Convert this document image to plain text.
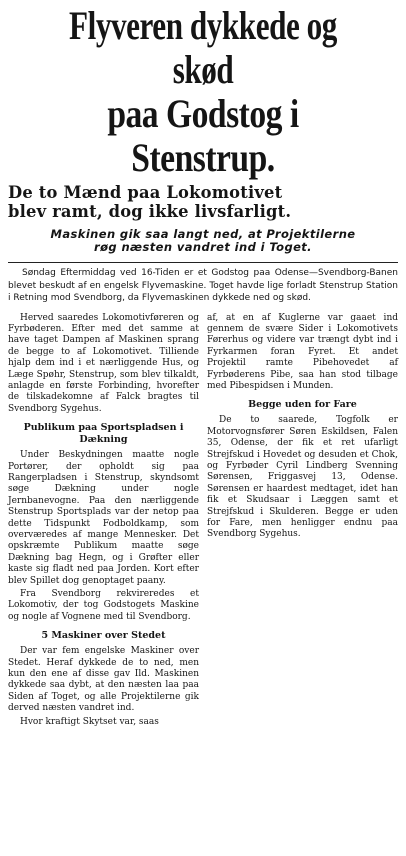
Flyveren dykkede og skød
paa Godstog i Stenstrup.
De to Mænd paa Lokomotivet
blev ramt, dog ikke livsfarligt.
Maskinen gik saa langt ned, at Projektilerne
røg næsten vandret ind i Toget.

Søndag Eftermiddag ved 16-Tiden er et Godstog paa Odense—Svendborg-Banen blevet beskudt af en engelsk Flyvemaskine. Toget havde lige forladt Stenstrup Station i Retning mod Svendborg, da Flyvemaskinen dykkede ned og skød.

Herved saaredes Lokomotivføreren og Fyrbøderen. Efter med det samme at have taget Dampen af Maskinen sprang de begge to af Lokomotivet. Tilliende hjalp dem ind i et nærliggende Hus, og Læge Spøhr, Stenstrup, som blev tilkaldt, anlagde en første Forbinding, hvorefter de tilskadekomne af Falck bragtes til Svendborg Sygehus.

Publikum paa Sportspladsen i Dækning

Under Beskydningen maatte nogle Portører, der opholdt sig paa Rangerpladsen i Stenstrup, skyndsomt søge Dækning under nogle Jernbanevogne. Paa den nærliggende Stenstrup Sportsplads var der netop paa dette Tidspunkt Fodboldkamp, som overværedes af mange Mennesker. Det opskræmte Publikum maatte søge Dækning bag Hegn, og i Grøfter eller kaste sig fladt ned paa Jorden. Kort efter blev Spillet dog genoptaget paany.

Fra Svendborg rekvireredes et Lokomotiv, der tog Godstogets Maskine og nogle af Vognene med til Svendborg.

5 Maskiner over Stedet

Der var fem engelske Maskiner over Stedet. Heraf dykkede de to ned, men kun den ene af disse gav Ild. Maskinen dykkede saa dybt, at den næsten laa paa Siden af Toget, og alle Projektilerne gik derved næsten vandret ind.

Hvor kraftigt Skytset var, saas

af, at en af Kuglerne var gaaet ind gennem de svære Sider i Lokomotivets Førerhus og videre var trængt dybt ind i Fyrkarmen foran Fyret. Et andet Projektil ramte Pibehovedet af Fyrbøderens Pibe, saa han stod tilbage med Pibespidsen i Munden.

Begge uden for Fare

De to saarede, Togfolk er Motorvognsfører Søren Eskildsen, Falen 35, Odense, der fik et ret ufarligt Strejfskud i Hovedet og desuden et Chok, og Fyrbøder Cyril Lindberg Svenning Sørensen, Friggasvej 13, Odense. Sørensen er haardest medtaget, idet han fik et Skudsaar i Læggen samt et Strejfskud i Skulderen. Begge er uden for Fare, men henligger endnu paa Svendborg Sygehus.
